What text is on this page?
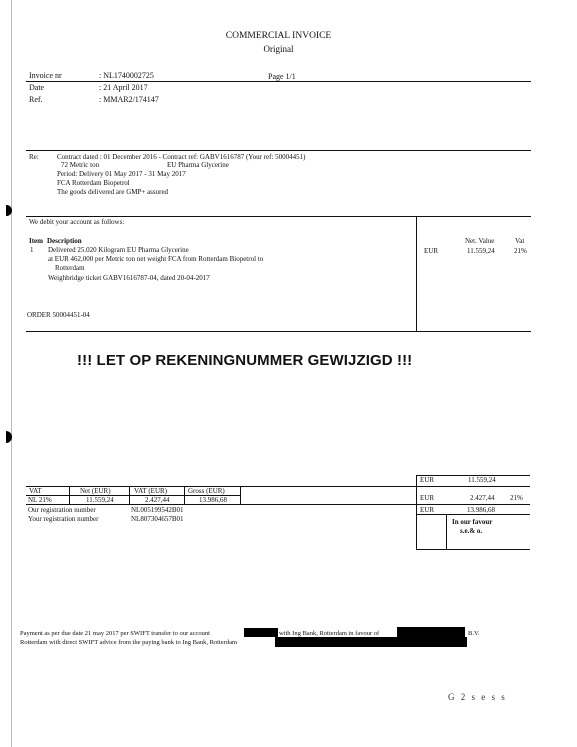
COMMERCIAL INVOICE
Original
Invoice nr	: NL1740002725	Page 1/1
Date	: 21 April 2017
Ref.	: MMAR2/174147
Re:	Contract dated : 01 December 2016 - Contract ref: GABV1616787 (Your ref: 50004451)
72 Metric ton	EU Pharma Glycerine
Period: Delivery 01 May 2017 - 31 May 2017
FCA Rotterdam Biopetrol
The goods delivered are GMP+ assured
We debit your account as follows:
Item Description	Net. Value	Vat
1 Delivered 25.020 Kilogram EU Pharma Glycerine
at EUR 462,000 per Metric ton net weight FCA from Rotterdam Biopetrol to
Rotterdam
Weighbridge ticket GABV1616787-04, dated 20-04-2017
EUR	11.559,24	21%
ORDER 50004451-04
!!! LET OP REKENINGNUMMER GEWIJZIGD !!!
VAT	Net (EUR)	VAT (EUR)	Gross (EUR)
NL 21%	11.559,24	2.427,44	13.986,68
Our registration number	NL005199542B01
Your registration number	NL807304657B01
EUR	11.559,24
EUR	2.427,44 21%
EUR	13.986,68
In our favour
s.e.& o.
Payment as per due date 21 may 2017 per SWIFT transfer to our account	with Ing Bank, Rotterdam in favour of	B.V.
Rotterdam with direct SWIFT advice from the paying bank to Ing Bank, Rotterdam
G 2 s e s s
